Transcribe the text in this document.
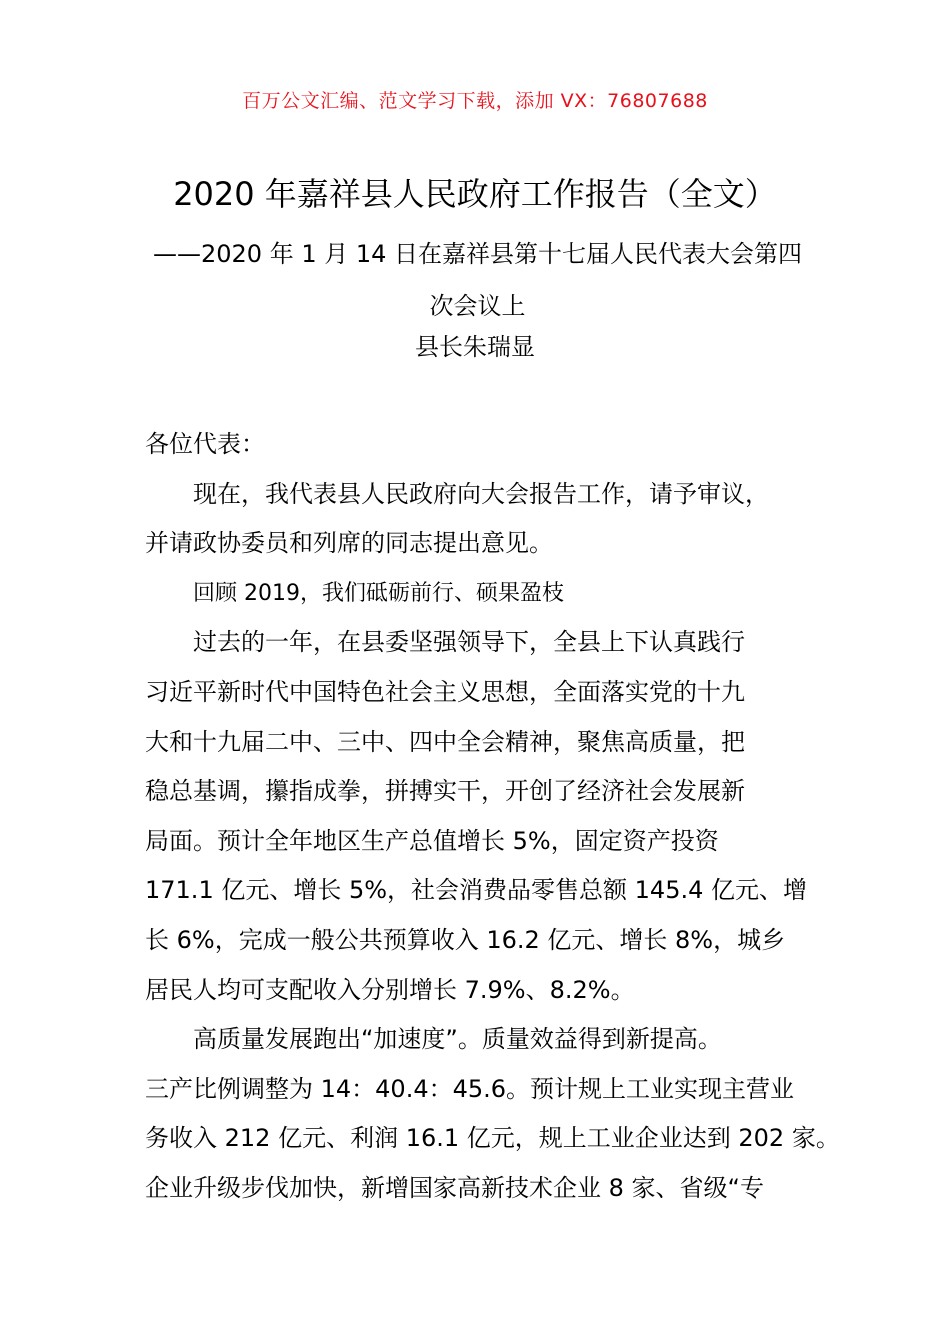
百万公文汇编、范文学习下载，添加 VX：76807688
2020 年嘉祥县人民政府工作报告（全文）
——2020 年 1 月 14 日在嘉祥县第十七届人民代表大会第四
次会议上
县长朱瑞显

各位代表：

现在，我代表县人民政府向大会报告工作，请予审议，
并请政协委员和列席的同志提出意见。

回顾 2019，我们砥砺前行、硕果盈枝

过去的一年，在县委坚强领导下，全县上下认真践行
习近平新时代中国特色社会主义思想，全面落实党的十九
大和十九届二中、三中、四中全会精神，聚焦高质量，把
稳总基调，攥指成拳，拼搏实干，开创了经济社会发展新
局面。预计全年地区生产总值增长 5%，固定资产投资
171.1 亿元、增长 5%，社会消费品零售总额 145.4 亿元、增
长 6%，完成一般公共预算收入 16.2 亿元、增长 8%，城乡
居民人均可支配收入分别增长 7.9%、8.2%。

高质量发展跑出“加速度”。质量效益得到新提高。
三产比例调整为 14：40.4：45.6。预计规上工业实现主营业
务收入 212 亿元、利润 16.1 亿元，规上工业企业达到 202 家。
企业升级步伐加快，新增国家高新技术企业 8 家、省级“专
